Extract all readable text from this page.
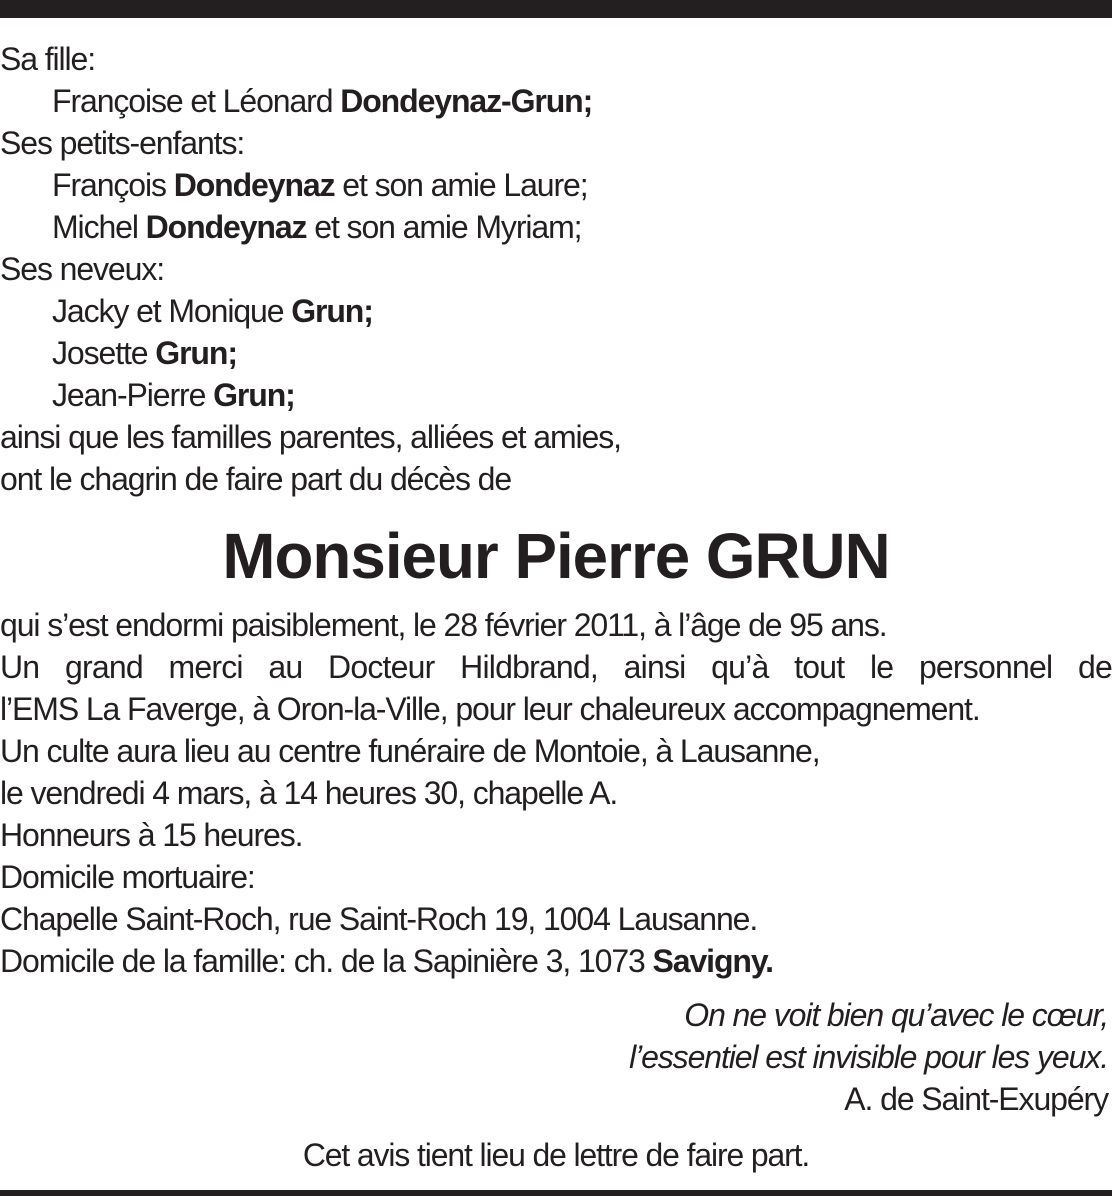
Sa fille:
Françoise et Léonard Dondeynaz-Grun;
Ses petits-enfants:
François Dondeynaz et son amie Laure;
Michel Dondeynaz et son amie Myriam;
Ses neveux:
Jacky et Monique Grun;
Josette Grun;
Jean-Pierre Grun;
ainsi que les familles parentes, alliées et amies,
ont le chagrin de faire part du décès de
Monsieur Pierre GRUN
qui s’est endormi paisiblement, le 28 février 2011, à l’âge de 95 ans.
Un grand merci au Docteur Hildbrand, ainsi qu’à tout le personnel de
l’EMS La Faverge, à Oron-la-Ville, pour leur chaleureux accompagnement.
Un culte aura lieu au centre funéraire de Montoie, à Lausanne,
le vendredi 4 mars, à 14 heures 30, chapelle A.
Honneurs à 15 heures.
Domicile mortuaire:
Chapelle Saint-Roch, rue Saint-Roch 19, 1004 Lausanne.
Domicile de la famille: ch. de la Sapinière 3, 1073 Savigny.
On ne voit bien qu’avec le cœur,
l’essentiel est invisible pour les yeux.
A. de Saint-Exupéry
Cet avis tient lieu de lettre de faire part.
